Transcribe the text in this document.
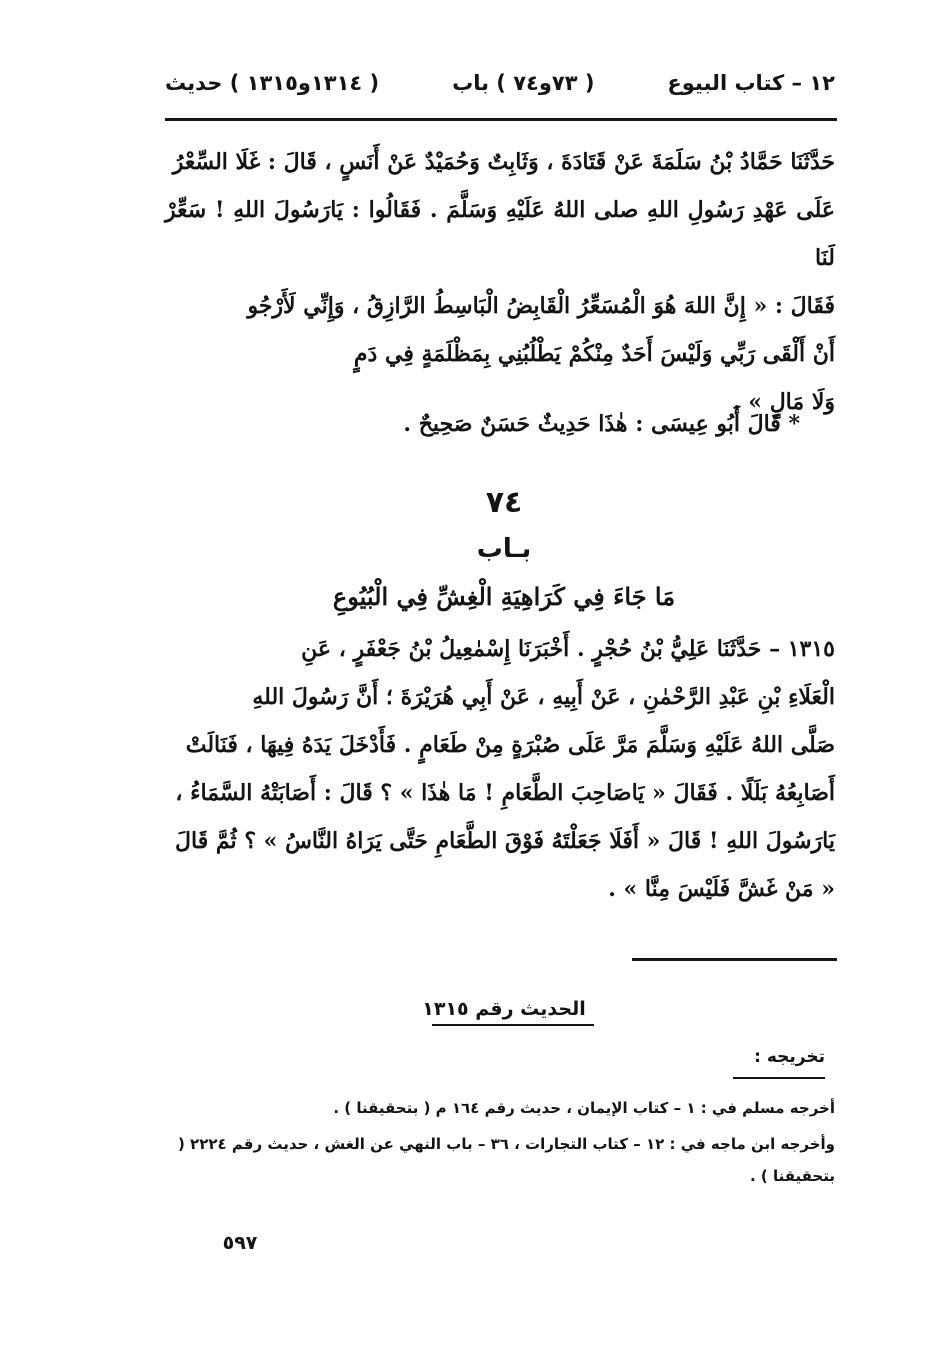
١٢ – كتاب البيوع
( ٧٣و٧٤ ) باب
( ١٣١٤و١٣١٥ ) حديث

حَدَّثَنَا حَمَّادُ بْنُ سَلَمَةَ عَنْ قَتَادَةَ ، وَثَابِتٌ وَحُمَيْدٌ عَنْ أَنَسٍ ، قَالَ : غَلَا السِّعْرُ

عَلَى عَهْدِ رَسُولِ اللهِ صلى اللهُ عَلَيْهِ وَسَلَّمَ . فَقَالُوا : يَارَسُولَ اللهِ ! سَعِّرْ لَنَا

فَقَالَ : « إِنَّ اللهَ هُوَ الْمُسَعِّرُ الْقَابِضُ الْبَاسِطُ الرَّازِقُ ، وَإِنِّي لَأَرْجُو

أَنْ أَلْقَى رَبِّي وَلَيْسَ أَحَدٌ مِنْكُمْ يَطْلُبُنِي بِمَظْلَمَةٍ فِي دَمٍ

وَلَا مَالٍ » .

* قَالَ أَبُو عِيسَى : هٰذَا حَدِيثٌ حَسَنٌ صَحِيحٌ .
٧٤
بـاب
مَا جَاءَ فِي كَرَاهِيَةِ الْغِشِّ فِي الْبُيُوعِ

١٣١٥ – حَدَّثَنَا عَلِيُّ بْنُ حُجْرٍ . أَخْبَرَنَا إِسْمٰعِيلُ بْنُ جَعْفَرٍ ، عَنِ

الْعَلَاءِ بْنِ عَبْدِ الرَّحْمٰنِ ، عَنْ أَبِيهِ ، عَنْ أَبِي هُرَيْرَةَ ؛ أَنَّ رَسُولَ اللهِ

صَلَّى اللهُ عَلَيْهِ وَسَلَّمَ مَرَّ عَلَى صُبْرَةٍ مِنْ طَعَامٍ . فَأَدْخَلَ يَدَهُ فِيهَا ، فَنَالَتْ

أَصَابِعُهُ بَلَلًا . فَقَالَ « يَاصَاحِبَ الطَّعَامِ ! مَا هٰذَا » ؟ قَالَ : أَصَابَتْهُ السَّمَاءُ ،

يَارَسُولَ اللهِ ! قَالَ « أَفَلَا جَعَلْتَهُ فَوْقَ الطَّعَامِ حَتَّى يَرَاهُ النَّاسُ » ؟ ثُمَّ قَالَ

« مَنْ غَشَّ فَلَيْسَ مِنَّا » .

الحديث رقم ١٣١٥
تخريجه :
أخرجه مسلم في : ١ – كتاب الإيمان ، حديث رقم ١٦٤ م ( بتحقيقنا ) .
وأخرجه ابن ماجه في : ١٢ – كتاب التجارات ، ٣٦ – باب النهي عن الغش ، حديث رقم ٢٢٢٤ ( بتحقيقنا ) .
٥٩٧
